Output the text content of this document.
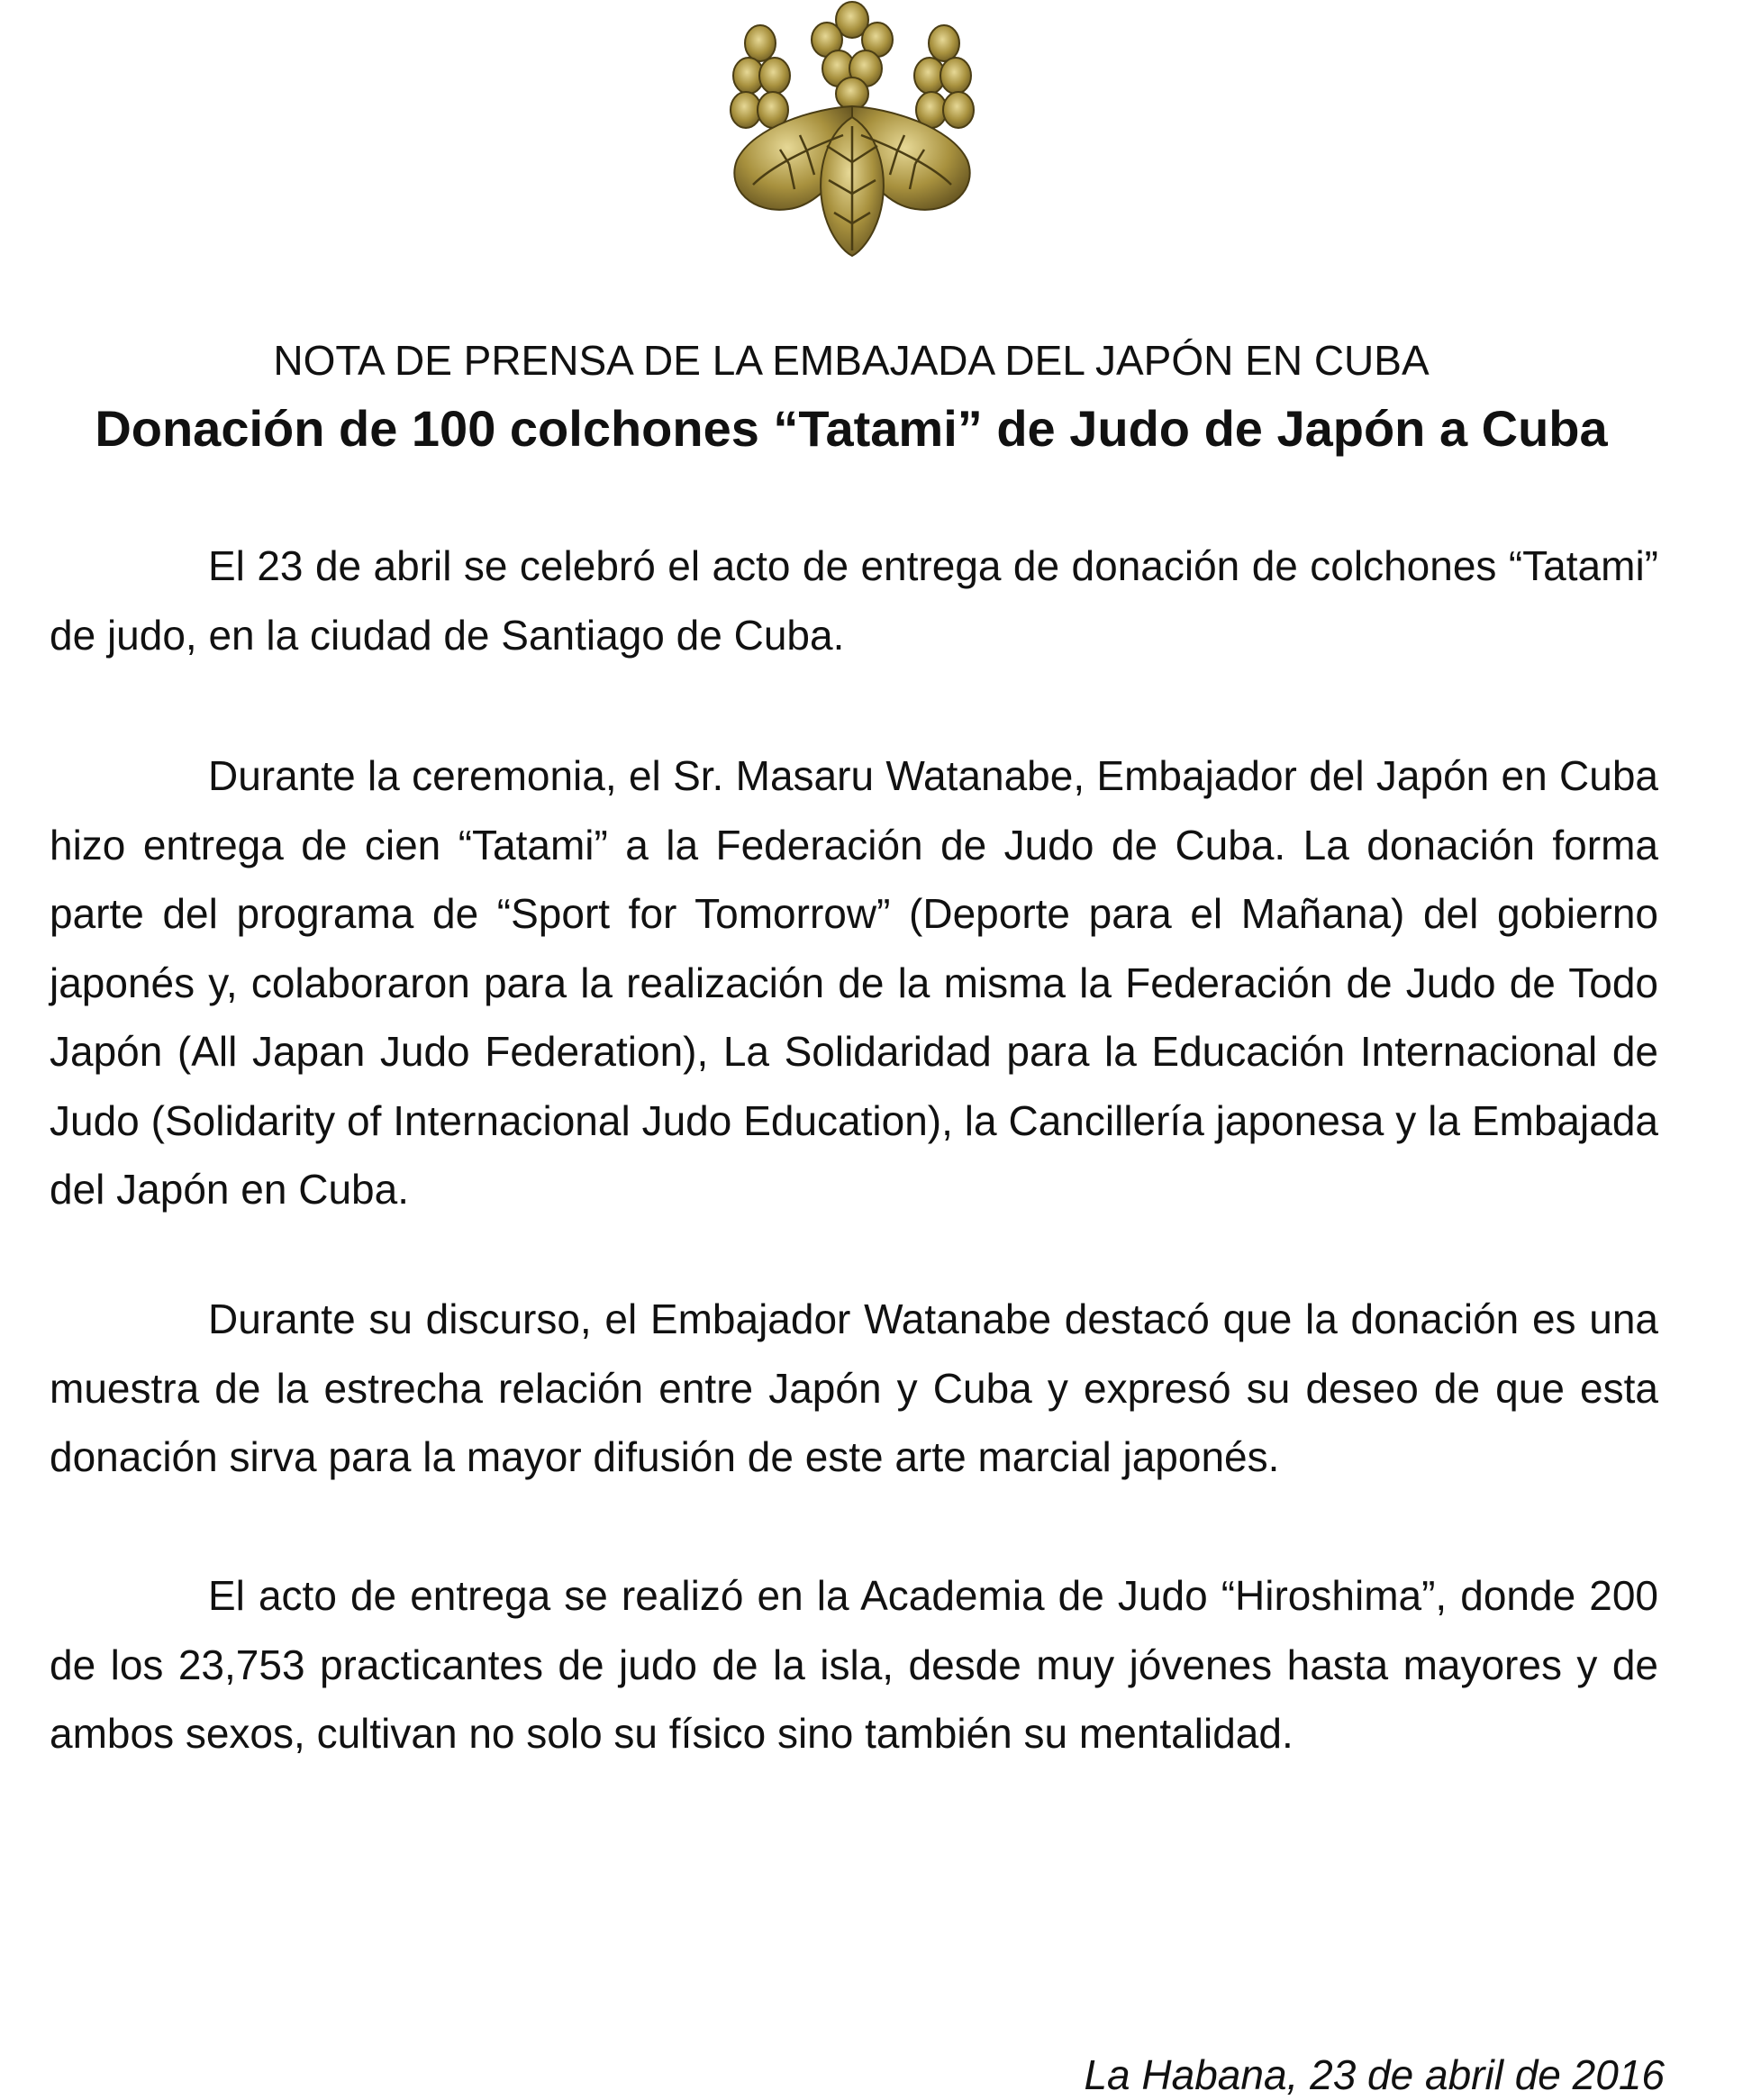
NOTA DE PRENSA DE LA EMBAJADA DEL JAPÓN EN CUBA
Donación de 100 colchones “Tatami” de Judo de Japón a Cuba

El 23 de abril se celebró el acto de entrega de donación de colchones “Tatami” de judo, en la ciudad de Santiago de Cuba.

Durante la ceremonia, el Sr. Masaru Watanabe, Embajador del Japón en Cuba hizo entrega de cien “Tatami” a la Federación de Judo de Cuba. La donación forma parte del programa de “Sport for Tomorrow” (Deporte para el Mañana) del gobierno japonés y, colaboraron para la realización de la misma la Federación de Judo de Todo Japón (All Japan Judo Federation), La Solidaridad para la Educación Internacional de Judo (Solidarity of Internacional Judo Education), la Cancillería japonesa y la Embajada del Japón en Cuba.

Durante su discurso, el Embajador Watanabe destacó que la donación es una muestra de la estrecha relación entre Japón y Cuba y expresó su deseo de que esta donación sirva para la mayor difusión de este arte marcial japonés.

El acto de entrega se realizó en la Academia de Judo “Hiroshima”, donde 200 de los 23,753 practicantes de judo de la isla, desde muy jóvenes hasta mayores y de ambos sexos, cultivan no solo su físico sino también su mentalidad.

La Habana, 23 de abril de 2016
